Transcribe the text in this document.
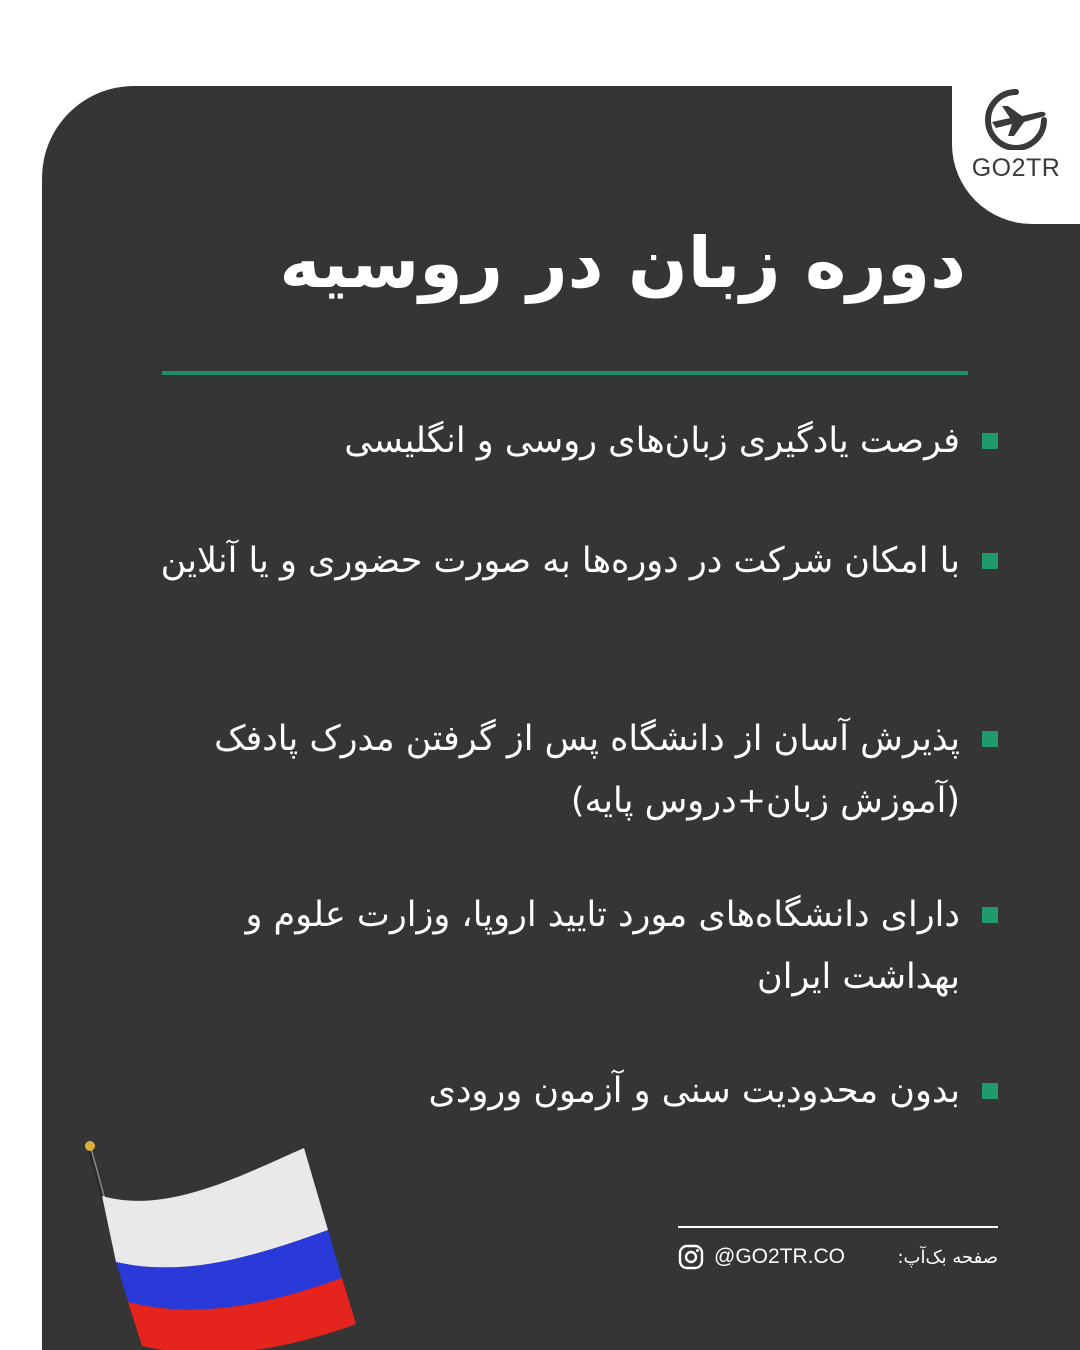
GO2TR
دوره زبان در روسیه
فرصت یادگیری زبان‌های روسی و انگلیسی
با امکان شرکت در دوره‌ها به صورت حضوری و یا آنلاین
پذیرش آسان از دانشگاه پس از گرفتن مدرک پادفک (آموزش زبان+دروس پایه)
دارای دانشگاه‌های مورد تایید اروپا، وزارت علوم و بهداشت ایران
بدون محدودیت سنی و آزمون ورودی
@GO2TR.CO	صفحه بک‌آپ:
